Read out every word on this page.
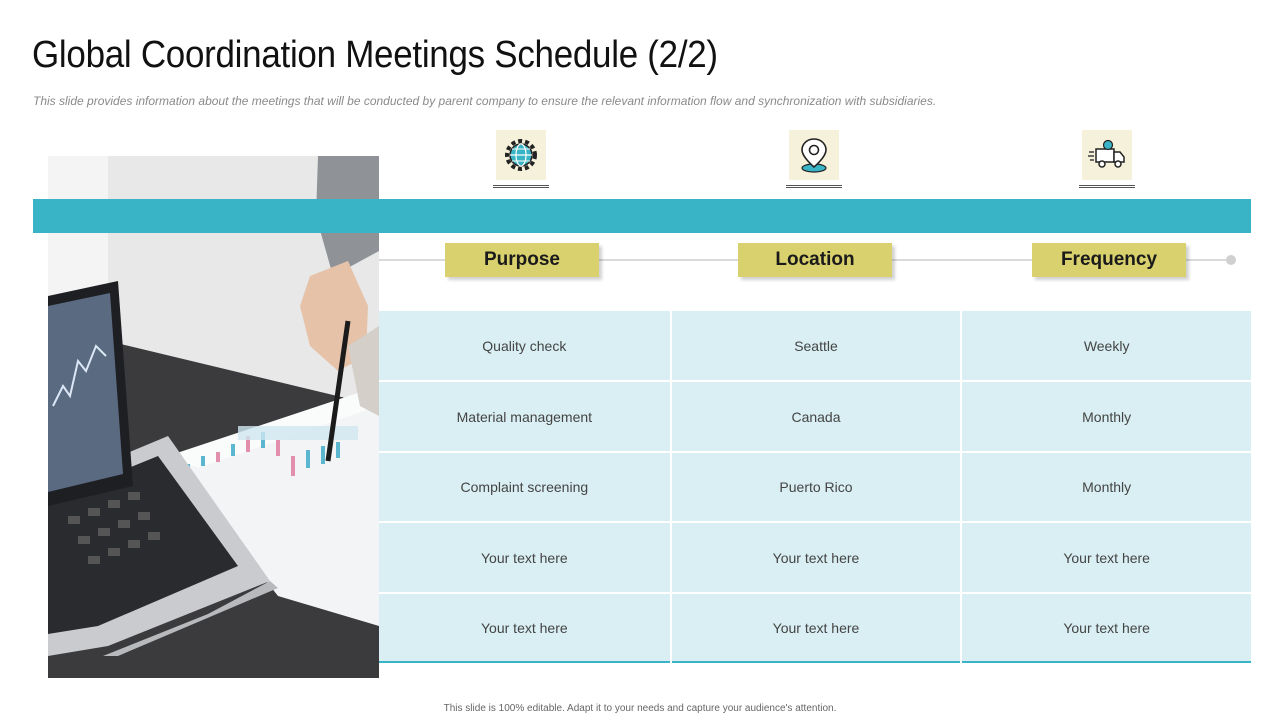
Global Coordination Meetings Schedule (2/2)

This slide provides information about the meetings that will be conducted by parent company to ensure the relevant information flow and synchronization with subsidiaries.

Purpose	Location	Frequency
Quality check	Seattle	Weekly
Material management	Canada	Monthly
Complaint screening	Puerto Rico	Monthly
Your text here	Your text here	Your text here
Your text here	Your text here	Your text here
This slide is 100% editable. Adapt it to your needs and capture your audience's attention.
